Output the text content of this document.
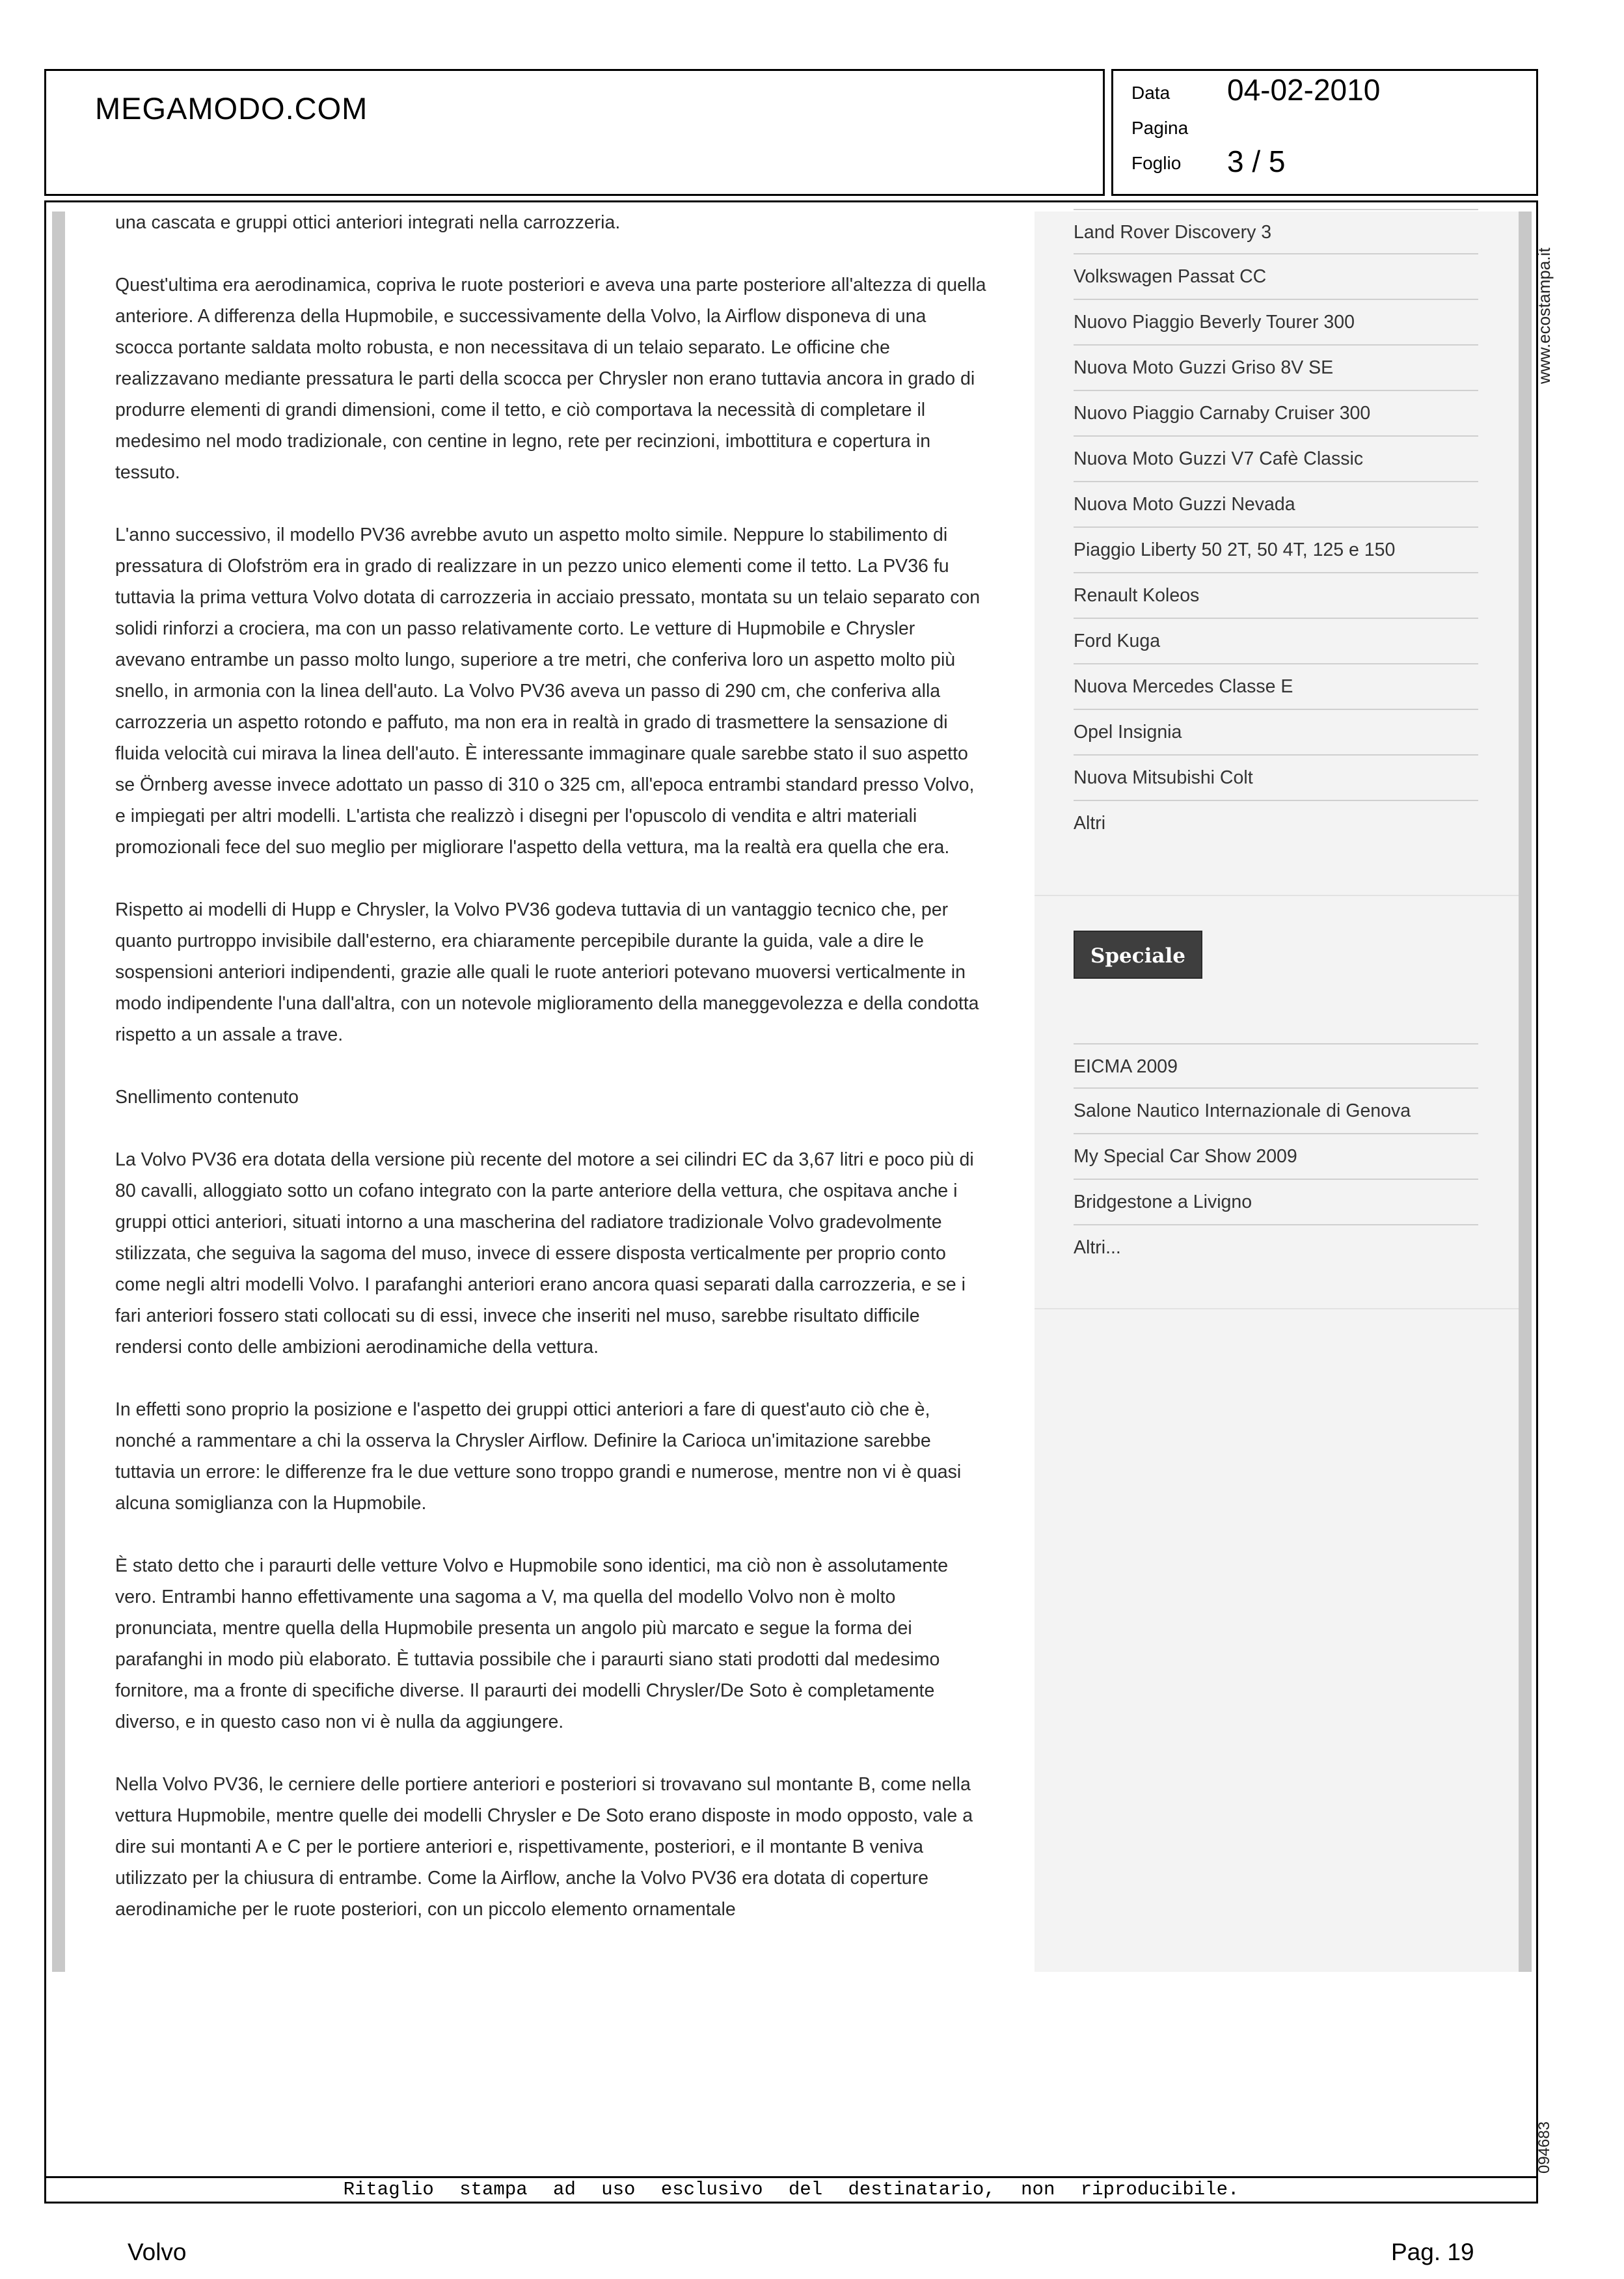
MEGAMODO.COM	Data 04-02-2010
Pagina
Foglio 3 / 5
Ritaglio stampa ad uso esclusivo del destinatario, non riproducibile.
www.ecostampa.it
094683

una cascata e gruppi ottici anteriori integrati nella carrozzeria.

Quest'ultima era aerodinamica, copriva le ruote posteriori e aveva una parte posteriore all'altezza di quella anteriore. A differenza della Hupmobile, e successivamente della Volvo, la Airflow disponeva di una scocca portante saldata molto robusta, e non necessitava di un telaio separato. Le officine che realizzavano mediante pressatura le parti della scocca per Chrysler non erano tuttavia ancora in grado di produrre elementi di grandi dimensioni, come il tetto, e ciò comportava la necessità di completare il medesimo nel modo tradizionale, con centine in legno, rete per recinzioni, imbottitura e copertura in tessuto.

L'anno successivo, il modello PV36 avrebbe avuto un aspetto molto simile. Neppure lo stabilimento di pressatura di Olofström era in grado di realizzare in un pezzo unico elementi come il tetto. La PV36 fu tuttavia la prima vettura Volvo dotata di carrozzeria in acciaio pressato, montata su un telaio separato con solidi rinforzi a crociera, ma con un passo relativamente corto. Le vetture di Hupmobile e Chrysler avevano entrambe un passo molto lungo, superiore a tre metri, che conferiva loro un aspetto molto più snello, in armonia con la linea dell'auto. La Volvo PV36 aveva un passo di 290 cm, che conferiva alla carrozzeria un aspetto rotondo e paffuto, ma non era in realtà in grado di trasmettere la sensazione di fluida velocità cui mirava la linea dell'auto. È interessante immaginare quale sarebbe stato il suo aspetto se Örnberg avesse invece adottato un passo di 310 o 325 cm, all'epoca entrambi standard presso Volvo, e impiegati per altri modelli. L'artista che realizzò i disegni per l'opuscolo di vendita e altri materiali promozionali fece del suo meglio per migliorare l'aspetto della vettura, ma la realtà era quella che era.

Rispetto ai modelli di Hupp e Chrysler, la Volvo PV36 godeva tuttavia di un vantaggio tecnico che, per quanto purtroppo invisibile dall'esterno, era chiaramente percepibile durante la guida, vale a dire le sospensioni anteriori indipendenti, grazie alle quali le ruote anteriori potevano muoversi verticalmente in modo indipendente l'una dall'altra, con un notevole miglioramento della maneggevolezza e della condotta rispetto a un assale a trave.

Snellimento contenuto

La Volvo PV36 era dotata della versione più recente del motore a sei cilindri EC da 3,67 litri e poco più di 80 cavalli, alloggiato sotto un cofano integrato con la parte anteriore della vettura, che ospitava anche i gruppi ottici anteriori, situati intorno a una mascherina del radiatore tradizionale Volvo gradevolmente stilizzata, che seguiva la sagoma del muso, invece di essere disposta verticalmente per proprio conto come negli altri modelli Volvo. I parafanghi anteriori erano ancora quasi separati dalla carrozzeria, e se i fari anteriori fossero stati collocati su di essi, invece che inseriti nel muso, sarebbe risultato difficile rendersi conto delle ambizioni aerodinamiche della vettura.

In effetti sono proprio la posizione e l'aspetto dei gruppi ottici anteriori a fare di quest'auto ciò che è, nonché a rammentare a chi la osserva la Chrysler Airflow. Definire la Carioca un'imitazione sarebbe tuttavia un errore: le differenze fra le due vetture sono troppo grandi e numerose, mentre non vi è quasi alcuna somiglianza con la Hupmobile.

È stato detto che i paraurti delle vetture Volvo e Hupmobile sono identici, ma ciò non è assolutamente vero. Entrambi hanno effettivamente una sagoma a V, ma quella del modello Volvo non è molto pronunciata, mentre quella della Hupmobile presenta un angolo più marcato e segue la forma dei parafanghi in modo più elaborato. È tuttavia possibile che i paraurti siano stati prodotti dal medesimo fornitore, ma a fronte di specifiche diverse. Il paraurti dei modelli Chrysler/De Soto è completamente diverso, e in questo caso non vi è nulla da aggiungere.

Nella Volvo PV36, le cerniere delle portiere anteriori e posteriori si trovavano sul montante B, come nella vettura Hupmobile, mentre quelle dei modelli Chrysler e De Soto erano disposte in modo opposto, vale a dire sui montanti A e C per le portiere anteriori e, rispettivamente, posteriori, e il montante B veniva utilizzato per la chiusura di entrambe. Come la Airflow, anche la Volvo PV36 era dotata di coperture aerodinamiche per le ruote posteriori, con un piccolo elemento ornamentale

Land Rover Discovery 3
Volkswagen Passat CC
Nuovo Piaggio Beverly Tourer 300
Nuova Moto Guzzi Griso 8V SE
Nuovo Piaggio Carnaby Cruiser 300
Nuova Moto Guzzi V7 Cafè Classic
Nuova Moto Guzzi Nevada
Piaggio Liberty 50 2T, 50 4T, 125 e 150
Renault Koleos
Ford Kuga
Nuova Mercedes Classe E
Opel Insignia
Nuova Mitsubishi Colt
Altri
Speciale
EICMA 2009
Salone Nautico Internazionale di Genova
My Special Car Show 2009
Bridgestone a Livigno
Altri...
Volvo	Pag. 19
